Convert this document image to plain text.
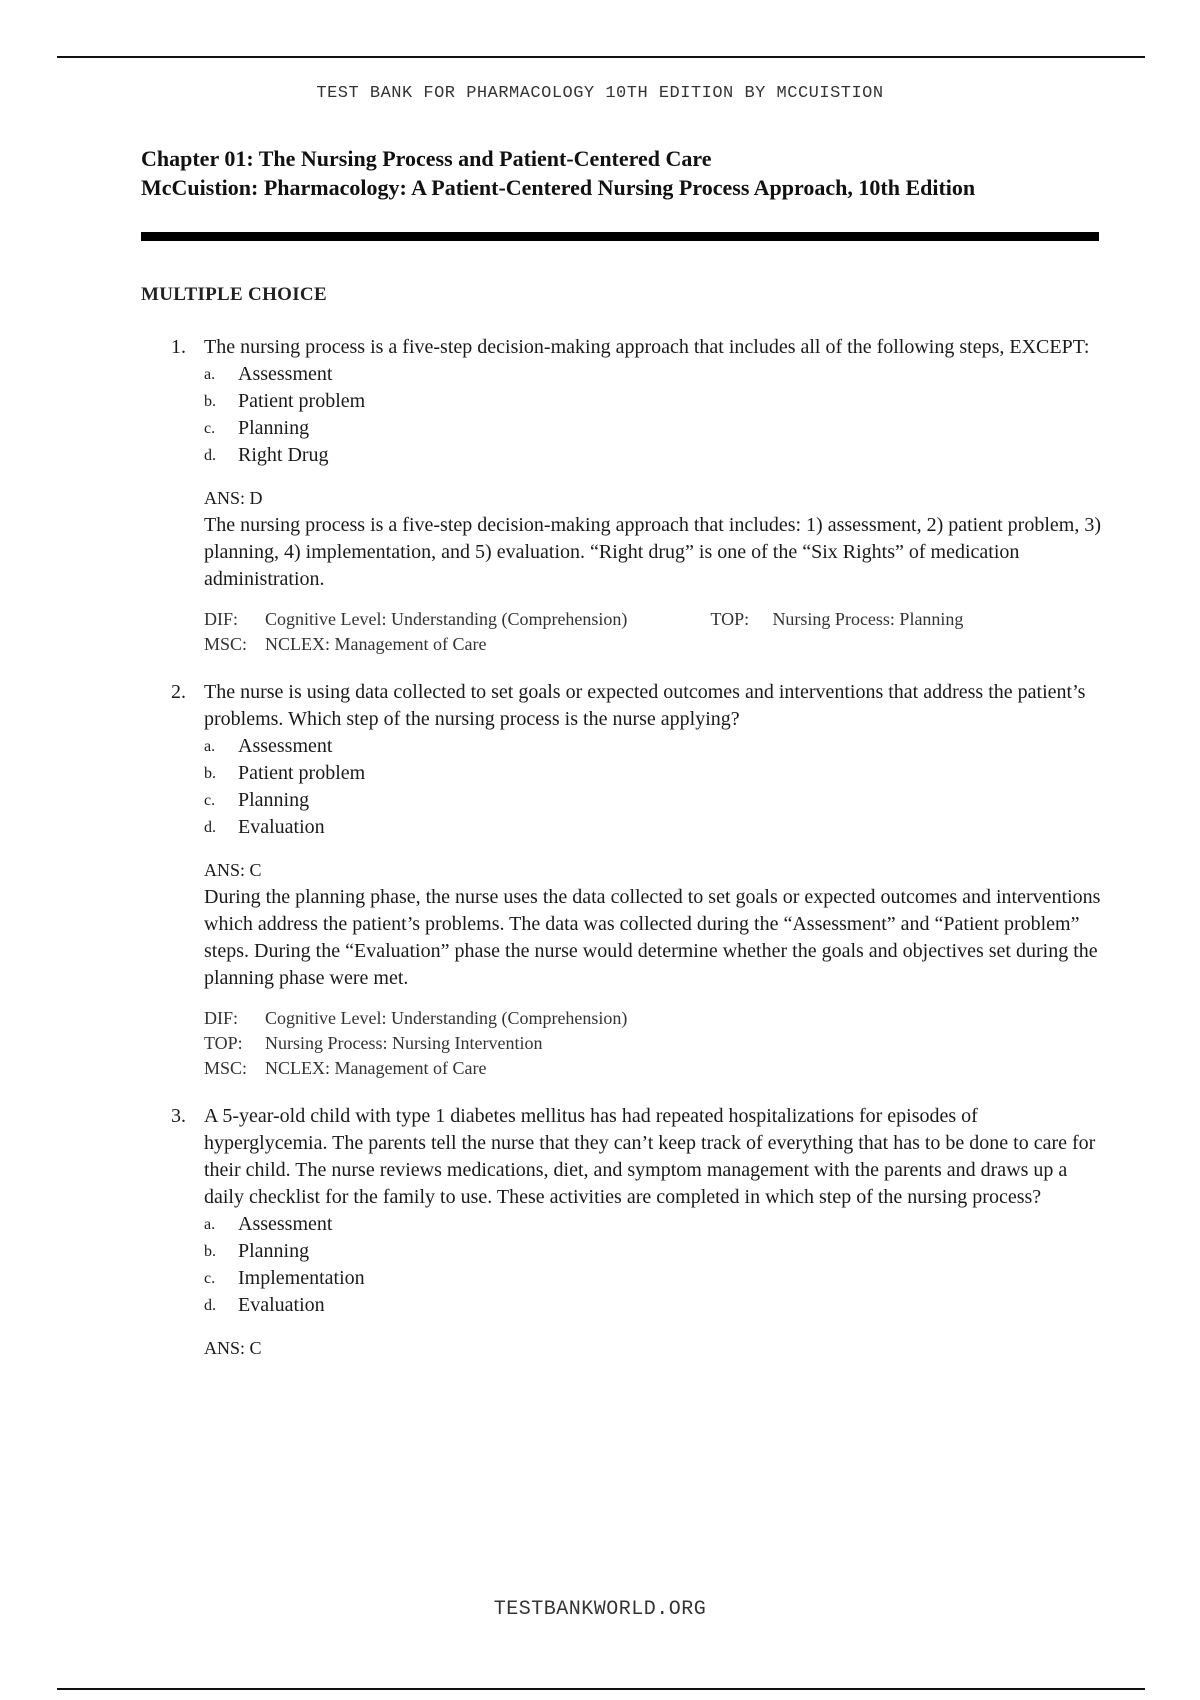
TEST BANK FOR PHARMACOLOGY 10TH EDITION BY MCCUISTION
Chapter 01: The Nursing Process and Patient-Centered Care
McCuistion: Pharmacology: A Patient-Centered Nursing Process Approach, 10th Edition
MULTIPLE CHOICE
1. The nursing process is a five-step decision-making approach that includes all of the following steps, EXCEPT:

a. Assessment
b. Patient problem
c. Planning
d. Right Drug
ANS: D

The nursing process is a five-step decision-making approach that includes: 1) assessment, 2) patient problem, 3) planning, 4) implementation, and 5) evaluation. “Right drug” is one of the “Six Rights” of medication administration.

DIF:	Cognitive Level: Understanding (Comprehension)	TOP:	Nursing Process: Planning
MSC: NCLEX: Management of Care
2. The nurse is using data collected to set goals or expected outcomes and interventions that address the patient’s problems. Which step of the nursing process is the nurse applying?

a. Assessment
b. Patient problem
c. Planning
d. Evaluation
ANS: C

During the planning phase, the nurse uses the data collected to set goals or expected outcomes and interventions which address the patient’s problems. The data was collected during the “Assessment” and “Patient problem” steps. During the “Evaluation” phase the nurse would determine whether the goals and objectives set during the planning phase were met.

DIF:	Cognitive Level: Understanding (Comprehension)
TOP:	Nursing Process: Nursing Intervention
MSC: NCLEX: Management of Care
3. A 5-year-old child with type 1 diabetes mellitus has had repeated hospitalizations for episodes of hyperglycemia. The parents tell the nurse that they can’t keep track of everything that has to be done to care for their child. The nurse reviews medications, diet, and symptom management with the parents and draws up a daily checklist for the family to use. These activities are completed in which step of the nursing process?

a. Assessment
b. Planning
c. Implementation
d. Evaluation
ANS: C
TESTBANKWORLD.ORG
